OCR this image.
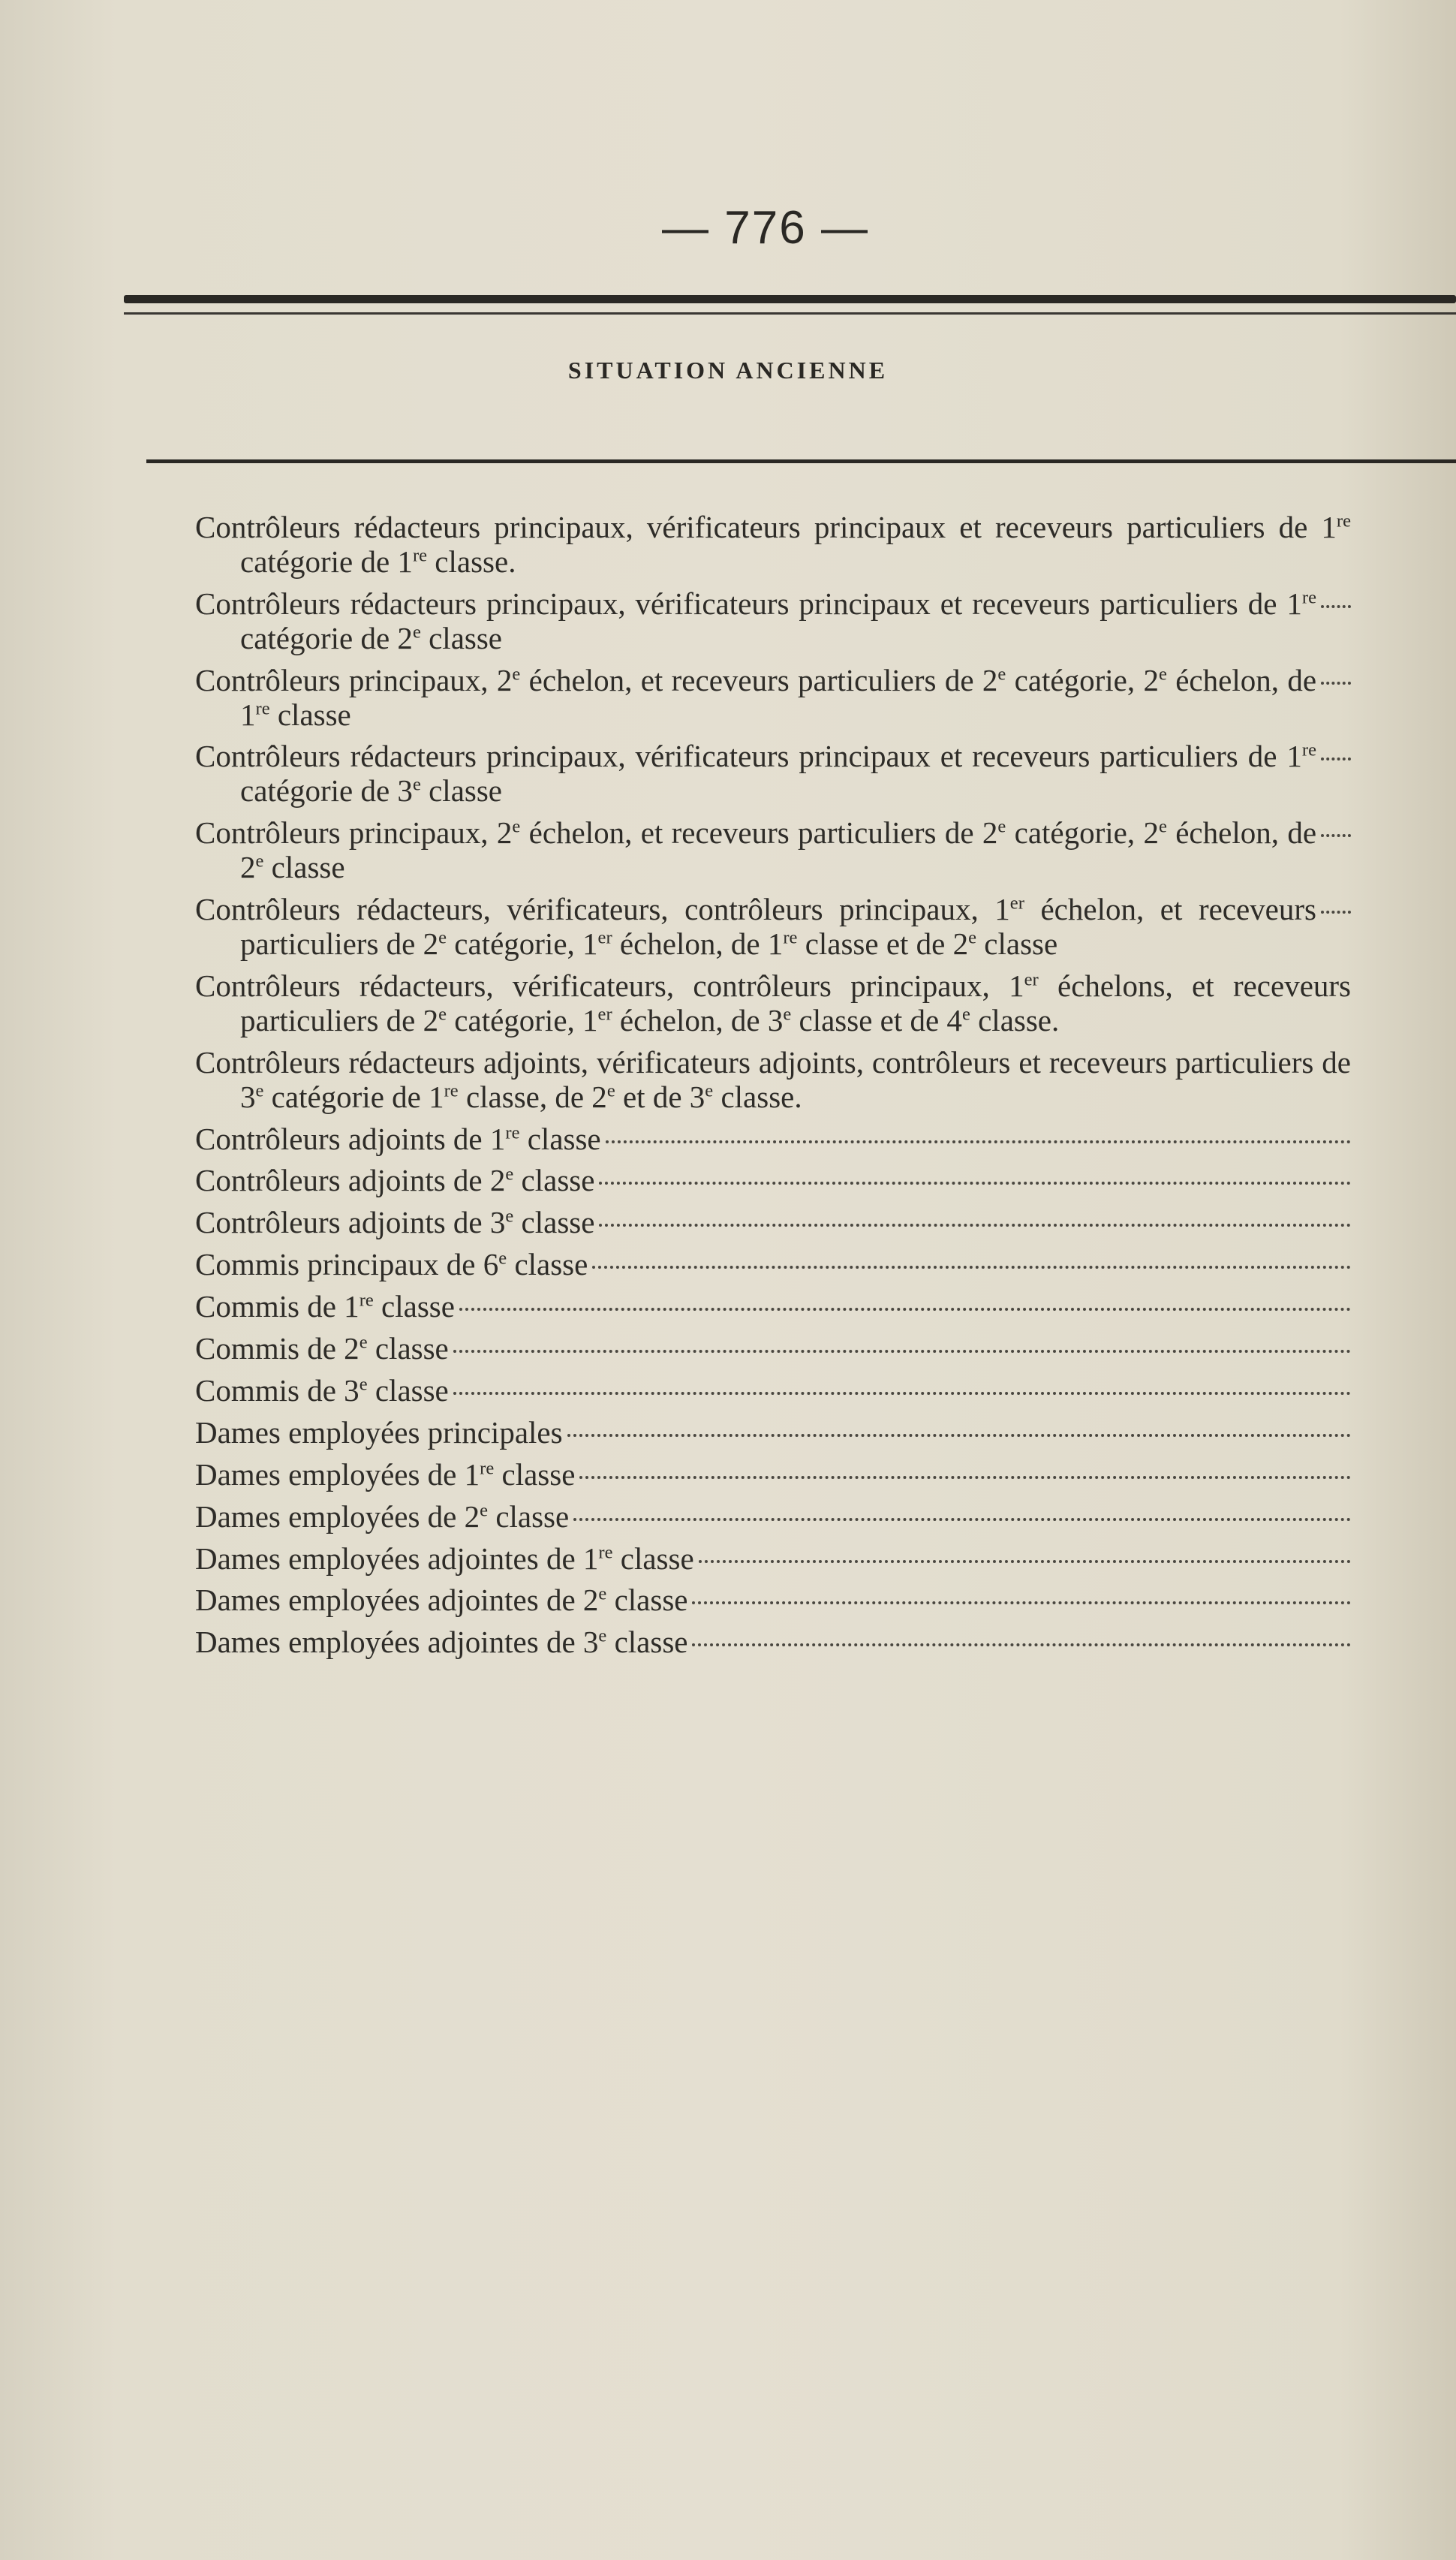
— 776 —
SITUATION ANCIENNE
Contrôleurs rédacteurs principaux, vérificateurs principaux et receveurs particuliers de 1re catégorie de 1re classe.
Contrôleurs rédacteurs principaux, vérificateurs principaux et receveurs particuliers de 1re catégorie de 2e classe
Contrôleurs principaux, 2e échelon, et receveurs particuliers de 2e catégorie, 2e échelon, de 1re classe
Contrôleurs rédacteurs principaux, vérificateurs principaux et receveurs particuliers de 1re catégorie de 3e classe
Contrôleurs principaux, 2e échelon, et receveurs particuliers de 2e catégorie, 2e échelon, de 2e classe
Contrôleurs rédacteurs, vérificateurs, contrôleurs principaux, 1er échelon, et receveurs particuliers de 2e catégorie, 1er échelon, de 1re classe et de 2e classe
Contrôleurs rédacteurs, vérificateurs, contrôleurs principaux, 1er échelons, et receveurs particuliers de 2e catégorie, 1er échelon, de 3e classe et de 4e classe.
Contrôleurs rédacteurs adjoints, vérificateurs adjoints, contrôleurs et receveurs particuliers de 3e catégorie de 1re classe, de 2e et de 3e classe.
Contrôleurs adjoints de 1re classe
Contrôleurs adjoints de 2e classe
Contrôleurs adjoints de 3e classe
Commis principaux de 6e classe
Commis de 1re classe
Commis de 2e classe
Commis de 3e classe
Dames employées principales
Dames employées de 1re classe
Dames employées de 2e classe
Dames employées adjointes de 1re classe
Dames employées adjointes de 2e classe
Dames employées adjointes de 3e classe
